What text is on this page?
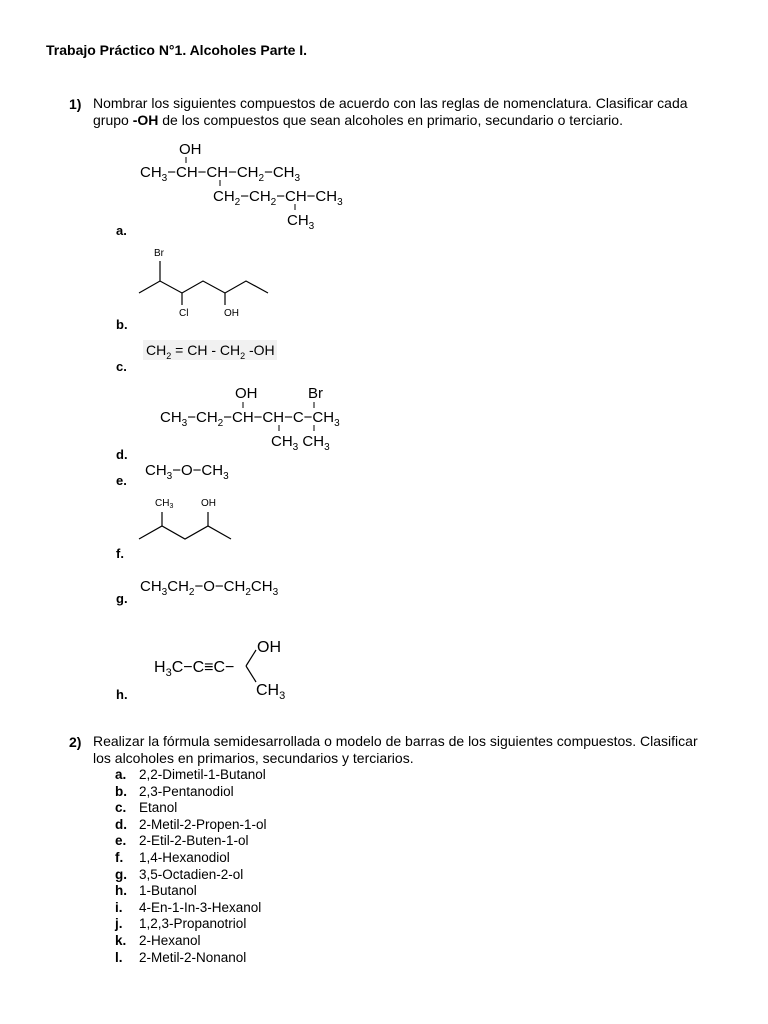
Trabajo Práctico N°1. Alcoholes Parte I.
1) Nombrar los siguientes compuestos de acuerdo con las reglas de nomenclatura. Clasificar cada
grupo -OH de los compuestos que sean alcoholes en primario, secundario o terciario.
a.
OH
$CH_3-CH-CH-CH_2-CH_3$
$CH_2-CH_2-CH-CH_3$
$CH_3$
b.
Br
Cl	OH
c.
$CH_2$ = CH - $CH_2$ -OH
d.
OH	Br
$CH_3-CH_2-CH-CH-C-CH_3$
$CH_3$ $CH_3$
e.
$CH_3-O-CH_3$
f.
$CH_3$	OH
g.
$CH_3CH_2-O-CH_2CH_3$
h.
OH
$H_3C-C\equiv C-$
$CH_3$
2) Realizar la fórmula semidesarrollada o modelo de barras de los siguientes compuestos. Clasificar
los alcoholes en primarios, secundarios y terciarios.
a. 2,2-Dimetil-1-Butanol
b. 2,3-Pentanodiol
c. Etanol
d. 2-Metil-2-Propen-1-ol
e. 2-Etil-2-Buten-1-ol
f. 1,4-Hexanodiol
g. 3,5-Octadien-2-ol
h. 1-Butanol
i. 4-En-1-In-3-Hexanol
j. 1,2,3-Propanotriol
k. 2-Hexanol
l. 2-Metil-2-Nonanol
